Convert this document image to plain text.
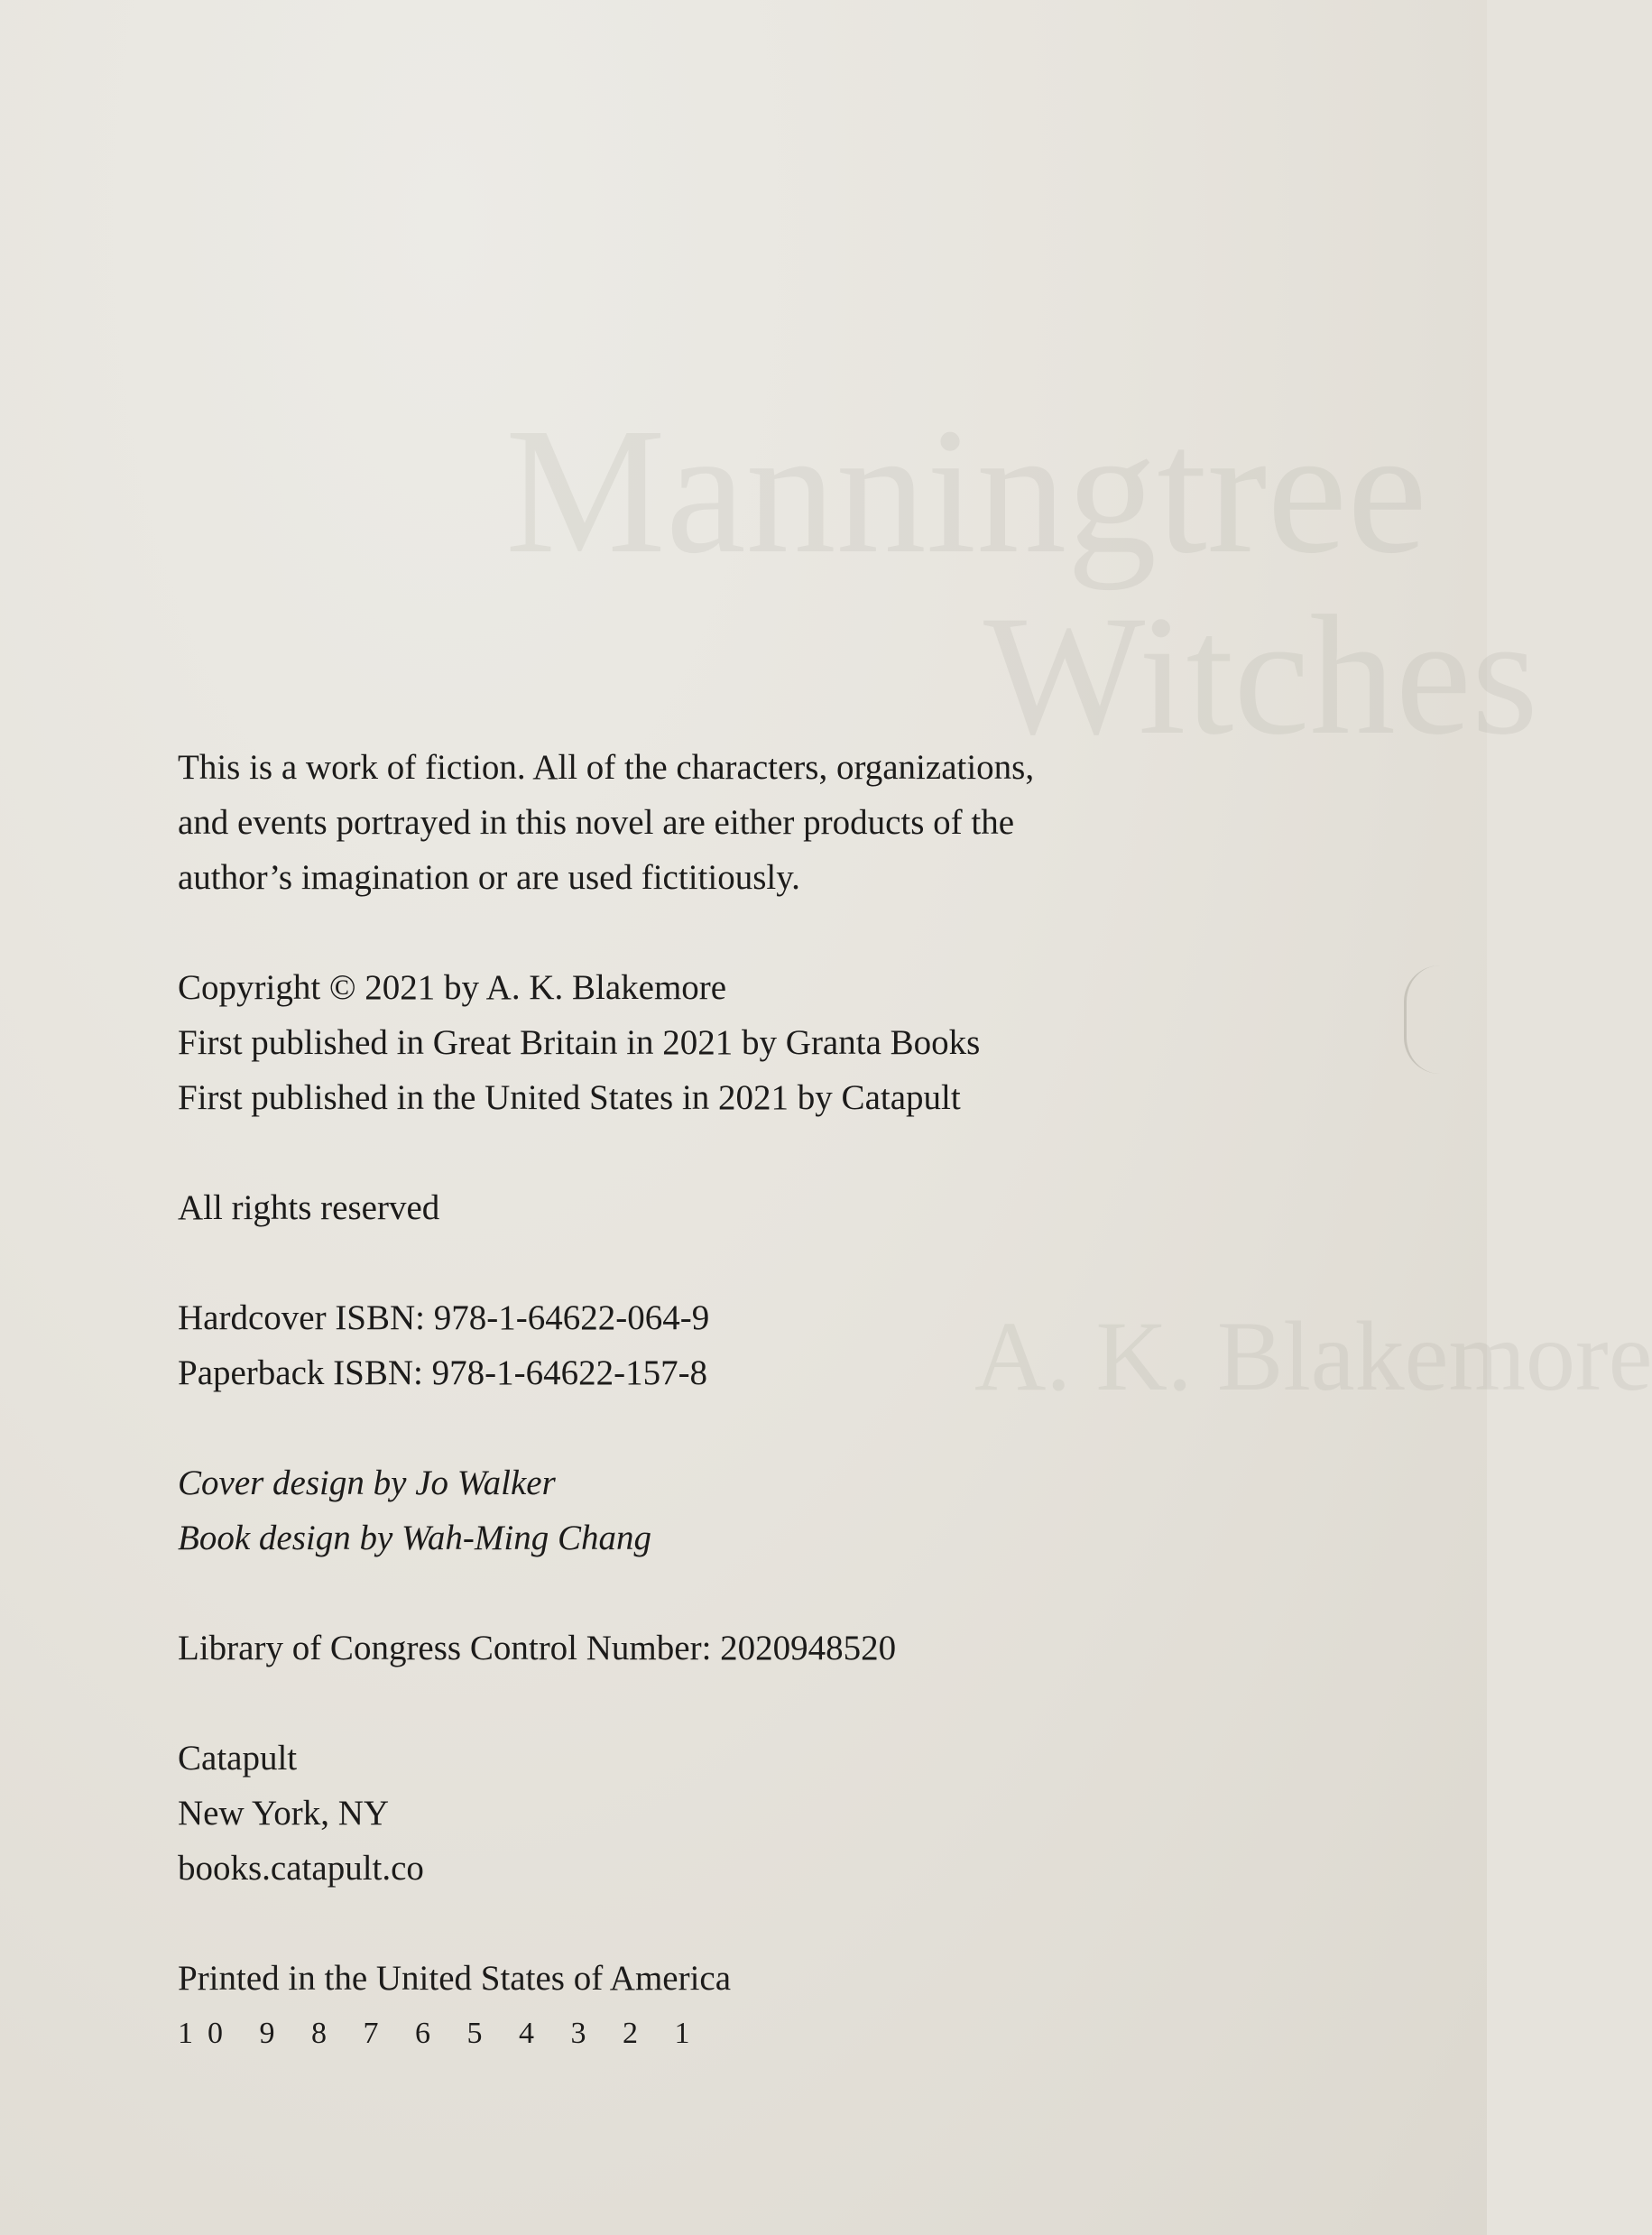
Manningtree
Witches
A. K. Blakemore
This is a work of fiction. All of the characters, organizations,
and events portrayed in this novel are either products of the
author’s imagination or are used fictitiously.
Copyright © 2021 by A. K. Blakemore
First published in Great Britain in 2021 by Granta Books
First published in the United States in 2021 by Catapult
All rights reserved
Hardcover ISBN: 978-1-64622-064-9
Paperback ISBN: 978-1-64622-157-8
Cover design by Jo Walker
Book design by Wah-Ming Chang
Library of Congress Control Number: 2020948520
Catapult
New York, NY
books.catapult.co
Printed in the United States of America
10 9 8 7 6 5 4 3 2 1
